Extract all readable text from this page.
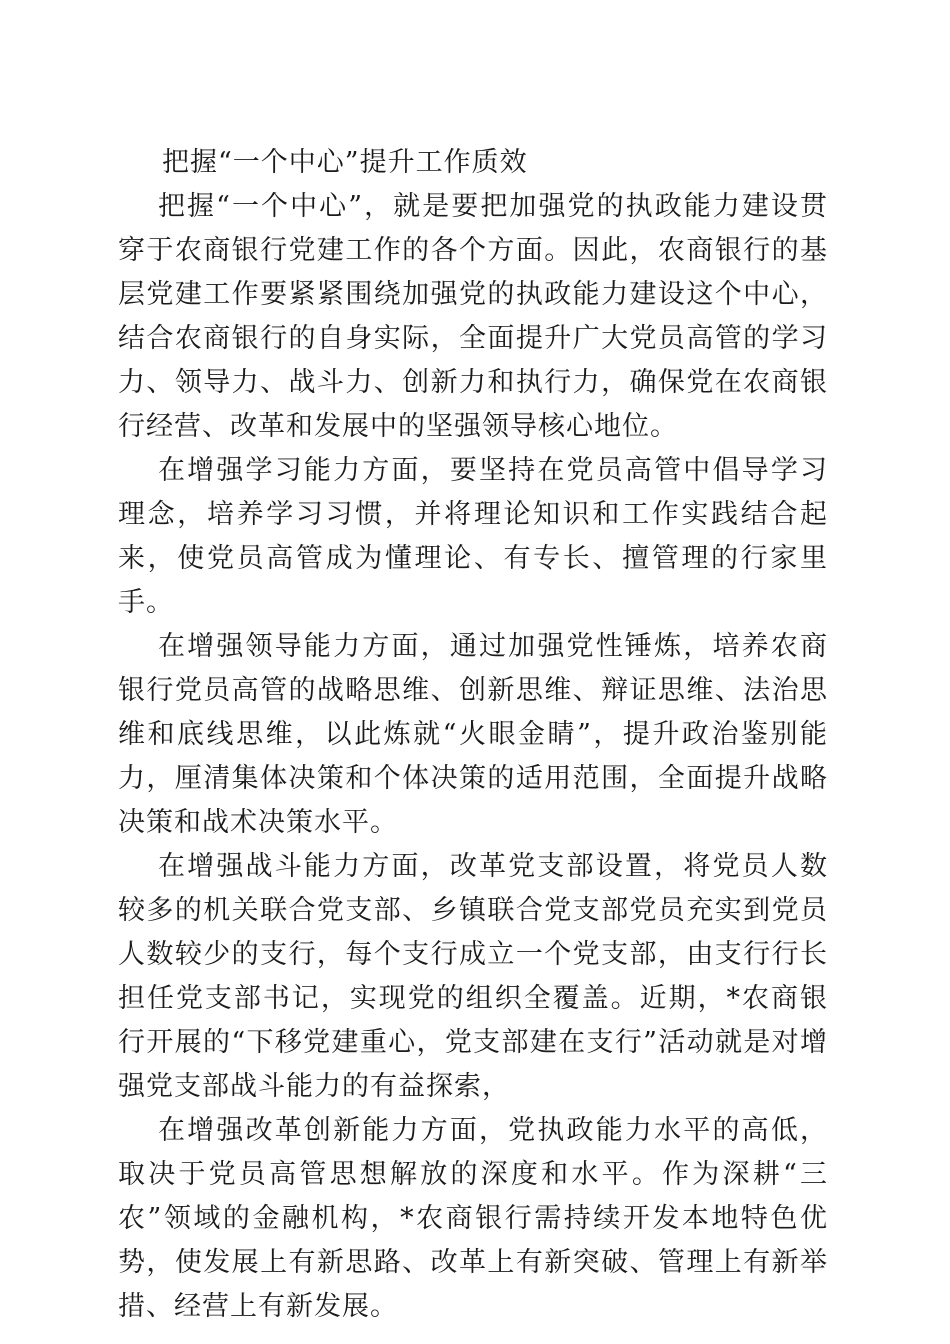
把握“一个中心”提升工作质效

把握“一个中心”，就是要把加强党的执政能力建设贯穿于农商银行党建工作的各个方面。因此，农商银行的基层党建工作要紧紧围绕加强党的执政能力建设这个中心，结合农商银行的自身实际，全面提升广大党员高管的学习力、领导力、战斗力、创新力和执行力，确保党在农商银行经营、改革和发展中的坚强领导核心地位。

在增强学习能力方面，要坚持在党员高管中倡导学习理念，培养学习习惯，并将理论知识和工作实践结合起来，使党员高管成为懂理论、有专长、擅管理的行家里手。

在增强领导能力方面，通过加强党性锤炼，培养农商银行党员高管的战略思维、创新思维、辩证思维、法治思维和底线思维，以此炼就“火眼金睛”，提升政治鉴别能力，厘清集体决策和个体决策的适用范围，全面提升战略决策和战术决策水平。

在增强战斗能力方面，改革党支部设置，将党员人数较多的机关联合党支部、乡镇联合党支部党员充实到党员人数较少的支行，每个支行成立一个党支部，由支行行长担任党支部书记，实现党的组织全覆盖。近期，*农商银行开展的“下移党建重心，党支部建在支行”活动就是对增强党支部战斗能力的有益探索，

在增强改革创新能力方面，党执政能力水平的高低，取决于党员高管思想解放的深度和水平。作为深耕“三农”领域的金融机构，*农商银行需持续开发本地特色优势，使发展上有新思路、改革上有新突破、管理上有新举措、经营上有新发展。
